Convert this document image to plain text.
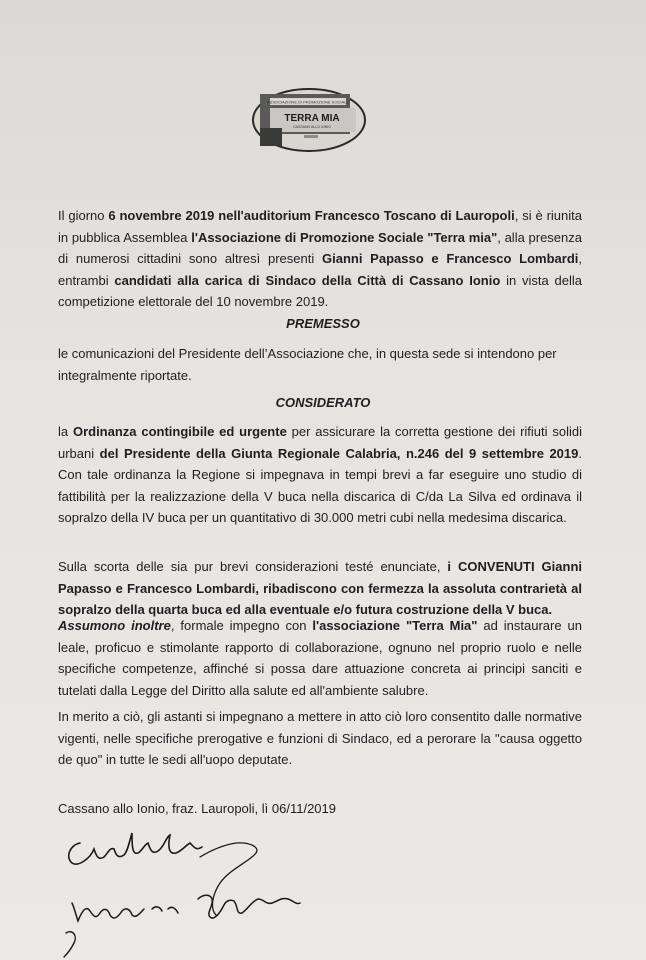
ASSOCIAZIONE DI PROMOZIONE SOCIALE
TERRA MIA
CASSANO ALLO IONIO
Il giorno 6 novembre 2019 nell'auditorium Francesco Toscano di Lauropoli, si è riunita in pubblica Assemblea l'Associazione di Promozione Sociale "Terra mia", alla presenza di numerosi cittadini sono altresì presenti Gianni Papasso e Francesco Lombardi, entrambi candidati alla carica di Sindaco della Città di Cassano Ionio in vista della competizione elettorale del 10 novembre 2019.
PREMESSO
le comunicazioni del Presidente dell’Associazione che, in questa sede si intendono per integralmente riportate.
CONSIDERATO
la Ordinanza contingibile ed urgente per assicurare la corretta gestione dei rifiuti solidi urbani del Presidente della Giunta Regionale Calabria, n.246 del 9 settembre 2019. Con tale ordinanza la Regione si impegnava in tempi brevi a far eseguire uno studio di fattibilità per la realizzazione della V buca nella discarica di C/da La Silva ed ordinava il sopralzo della IV buca per un quantitativo di 30.000 metri cubi nella medesima discarica.
Sulla scorta delle sia pur brevi considerazioni testé enunciate, i CONVENUTI Gianni Papasso e Francesco Lombardi, ribadiscono con fermezza la assoluta contrarietà al sopralzo della quarta buca ed alla eventuale e/o futura costruzione della V buca.
Assumono inoltre, formale impegno con l'associazione "Terra Mia" ad instaurare un leale, proficuo e stimolante rapporto di collaborazione, ognuno nel proprio ruolo e nelle specifiche competenze, affinché si possa dare attuazione concreta ai principi sanciti e tutelati dalla Legge del Diritto alla salute ed all'ambiente salubre.
In merito a ciò, gli astanti si impegnano a mettere in atto ciò loro consentito dalle normative vigenti, nelle specifiche prerogative e funzioni di Sindaco, ed a perorare la "causa oggetto de quo" in tutte le sedi all'uopo deputate.
Cassano allo Ionio, fraz. Lauropoli, lì 06/11/2019
